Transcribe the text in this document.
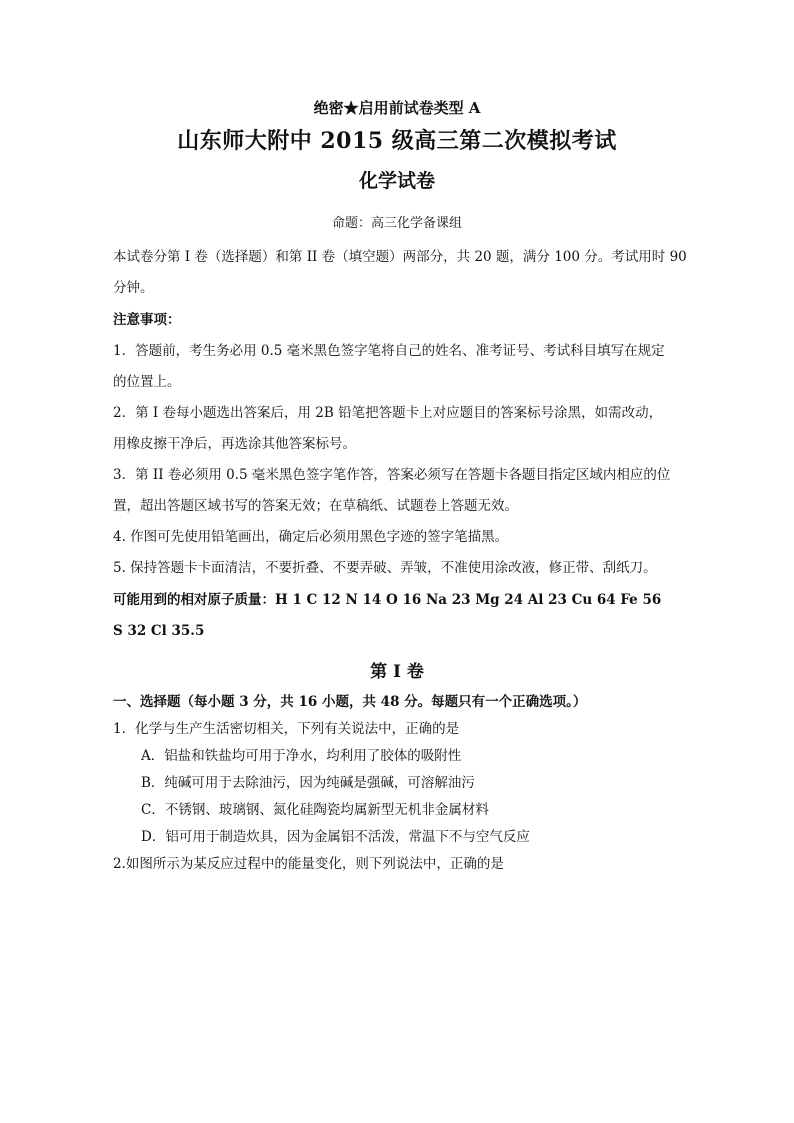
绝密★启用前试卷类型 A
山东师大附中 2015 级高三第二次模拟考试
化学试卷
命题：高三化学备课组
本试卷分第 I 卷（选择题）和第 II 卷（填空题）两部分，共 20 题，满分 100 分。考试用时 90
分钟。
注意事项：
1．答题前，考生务必用 0.5 毫米黑色签字笔将自己的姓名、准考证号、考试科目填写在规定
的位置上。
2．第 I 卷每小题选出答案后，用 2B 铅笔把答题卡上对应题目的答案标号涂黑，如需改动，
用橡皮擦干净后，再选涂其他答案标号。
3．第 II 卷必须用 0.5 毫米黑色签字笔作答，答案必须写在答题卡各题目指定区域内相应的位
置，超出答题区域书写的答案无效；在草稿纸、试题卷上答题无效。
4. 作图可先使用铅笔画出，确定后必须用黑色字迹的签字笔描黑。
5. 保持答题卡卡面清洁，不要折叠、不要弄破、弄皱，不准使用涂改液，修正带、刮纸刀。
可能用到的相对原子质量：H 1 C 12 N 14 O 16 Na 23 Mg 24 Al 23 Cu 64 Fe 56
S 32 Cl 35.5
第 I 卷
一、选择题（每小题 3 分，共 16 小题，共 48 分。每题只有一个正确选项。）
1．化学与生产生活密切相关，下列有关说法中，正确的是
A．铝盐和铁盐均可用于净水，均利用了胶体的吸附性
B．纯碱可用于去除油污，因为纯碱是强碱，可溶解油污
C．不锈钢、玻璃钢、氮化硅陶瓷均属新型无机非金属材料
D．铝可用于制造炊具，因为金属铝不活泼，常温下不与空气反应
2.如图所示为某反应过程中的能量变化，则下列说法中，正确的是
